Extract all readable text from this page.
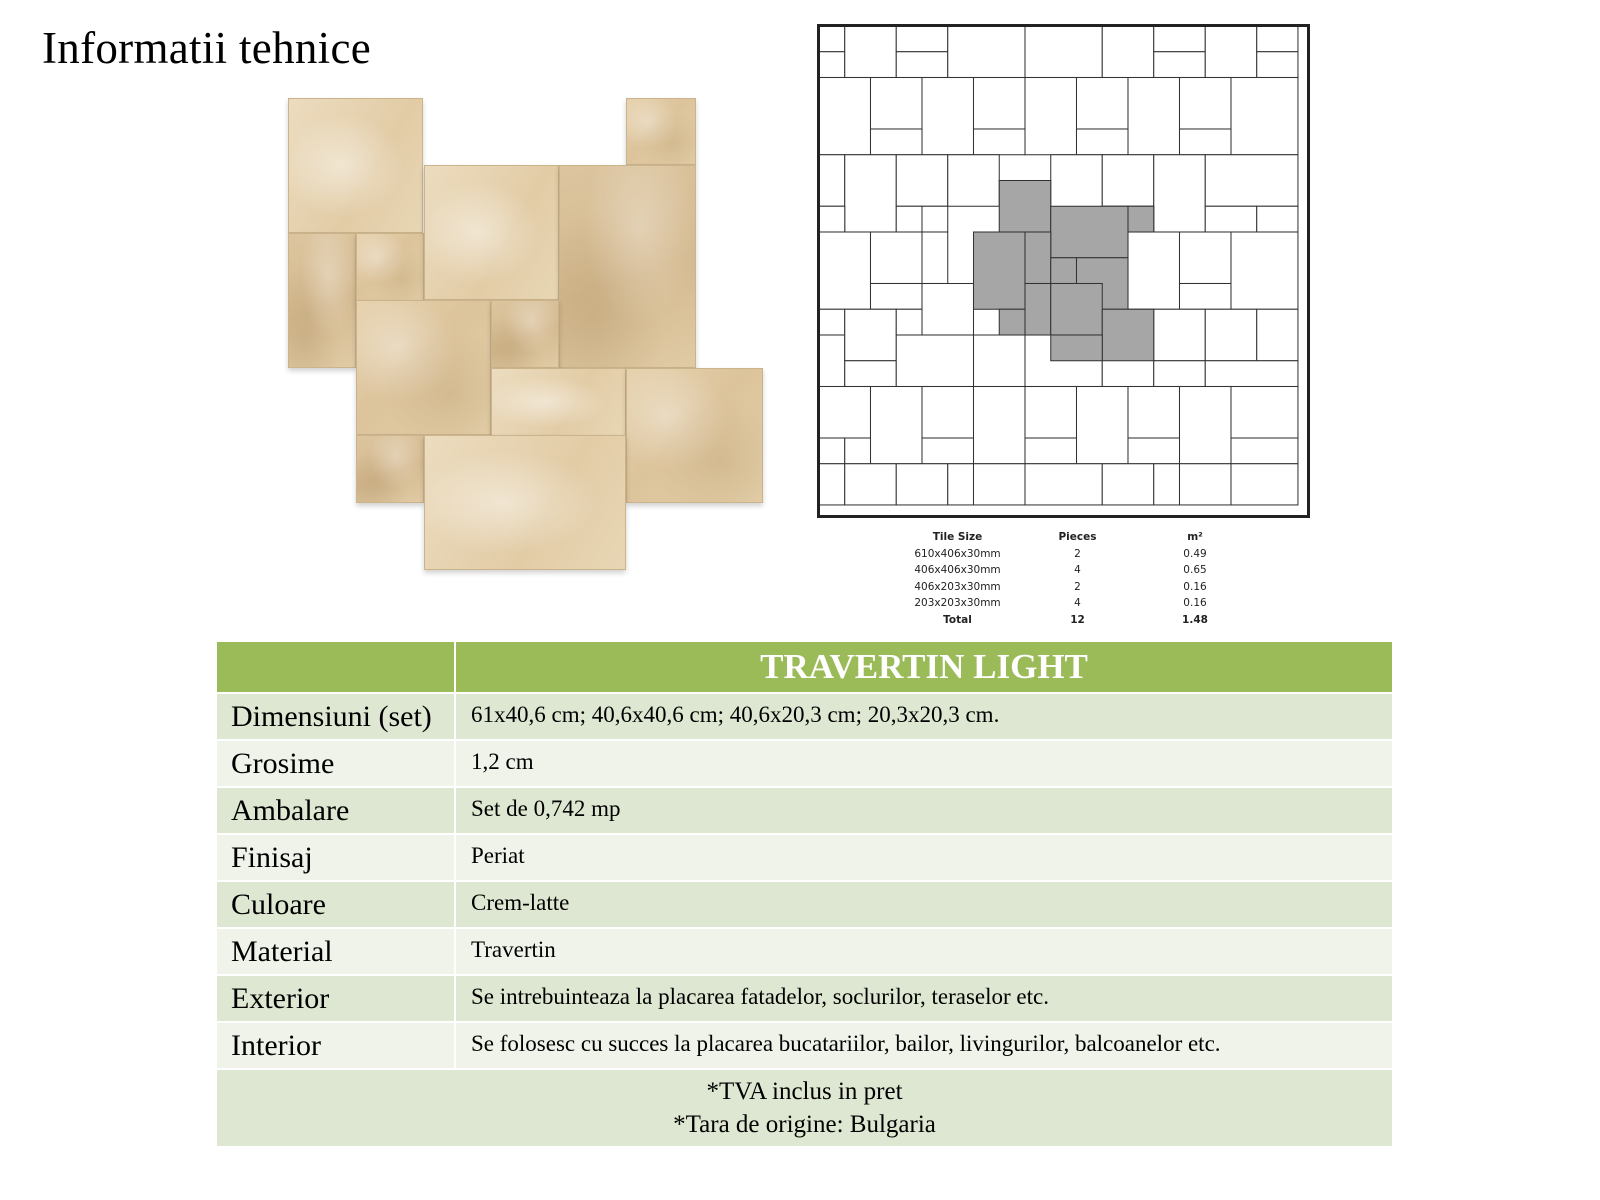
Informatii tehnice
Tile Size	Pieces	m²
610x406x30mm	2	0.49
406x406x30mm	4	0.65
406x203x30mm	2	0.16
203x203x30mm	4	0.16
Total	12	1.48
	TRAVERTIN LIGHT
Dimensiuni (set)	61x40,6 cm; 40,6x40,6 cm; 40,6x20,3 cm; 20,3x20,3 cm.
Grosime	1,2 cm
Ambalare	Set de 0,742 mp
Finisaj	Periat
Culoare	Crem-latte
Material	Travertin
Exterior	Se intrebuinteaza la placarea fatadelor, soclurilor, teraselor etc.
Interior	Se folosesc cu succes la placarea bucatariilor, bailor, livingurilor, balcoanelor etc.

*TVA inclus in pret
*Tara de origine: Bulgaria	
